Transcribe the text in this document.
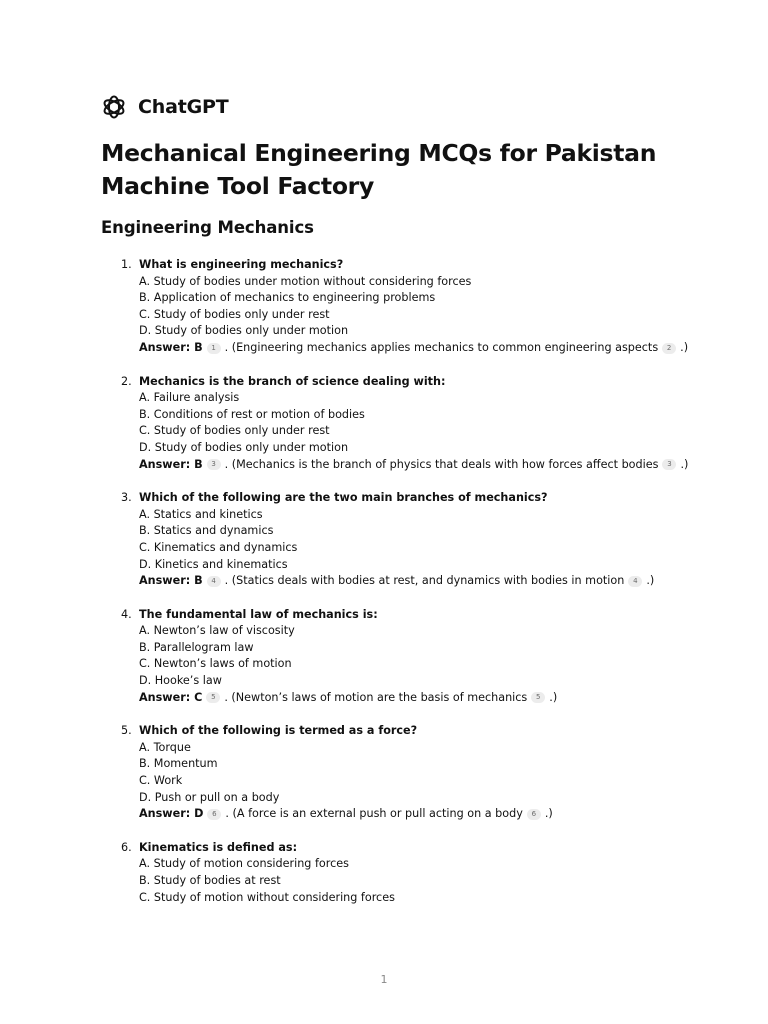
ChatGPT
Mechanical Engineering MCQs for Pakistan Machine Tool Factory
Engineering Mechanics
1. What is engineering mechanics?
A. Study of bodies under motion without considering forces
B. Application of mechanics to engineering problems
C. Study of bodies only under rest
D. Study of bodies only under motion
Answer: B	1 . (Engineering mechanics applies mechanics to common engineering aspects	2 .)
2. Mechanics is the branch of science dealing with:
A. Failure analysis
B. Conditions of rest or motion of bodies
C. Study of bodies only under rest
D. Study of bodies only under motion
Answer: B	3 . (Mechanics is the branch of physics that deals with how forces affect bodies	3 .)
3. Which of the following are the two main branches of mechanics?
A. Statics and kinetics
B. Statics and dynamics
C. Kinematics and dynamics
D. Kinetics and kinematics
Answer: B	4 . (Statics deals with bodies at rest, and dynamics with bodies in motion	4 .)
4. The fundamental law of mechanics is:
A. Newton’s law of viscosity
B. Parallelogram law
C. Newton’s laws of motion
D. Hooke’s law
Answer: C	5 . (Newton’s laws of motion are the basis of mechanics	5 .)
5. Which of the following is termed as a force?
A. Torque
B. Momentum
C. Work
D. Push or pull on a body
Answer: D	6 . (A force is an external push or pull acting on a body	6 .)
6. Kinematics is defined as:
A. Study of motion considering forces
B. Study of bodies at rest
C. Study of motion without considering forces
1
